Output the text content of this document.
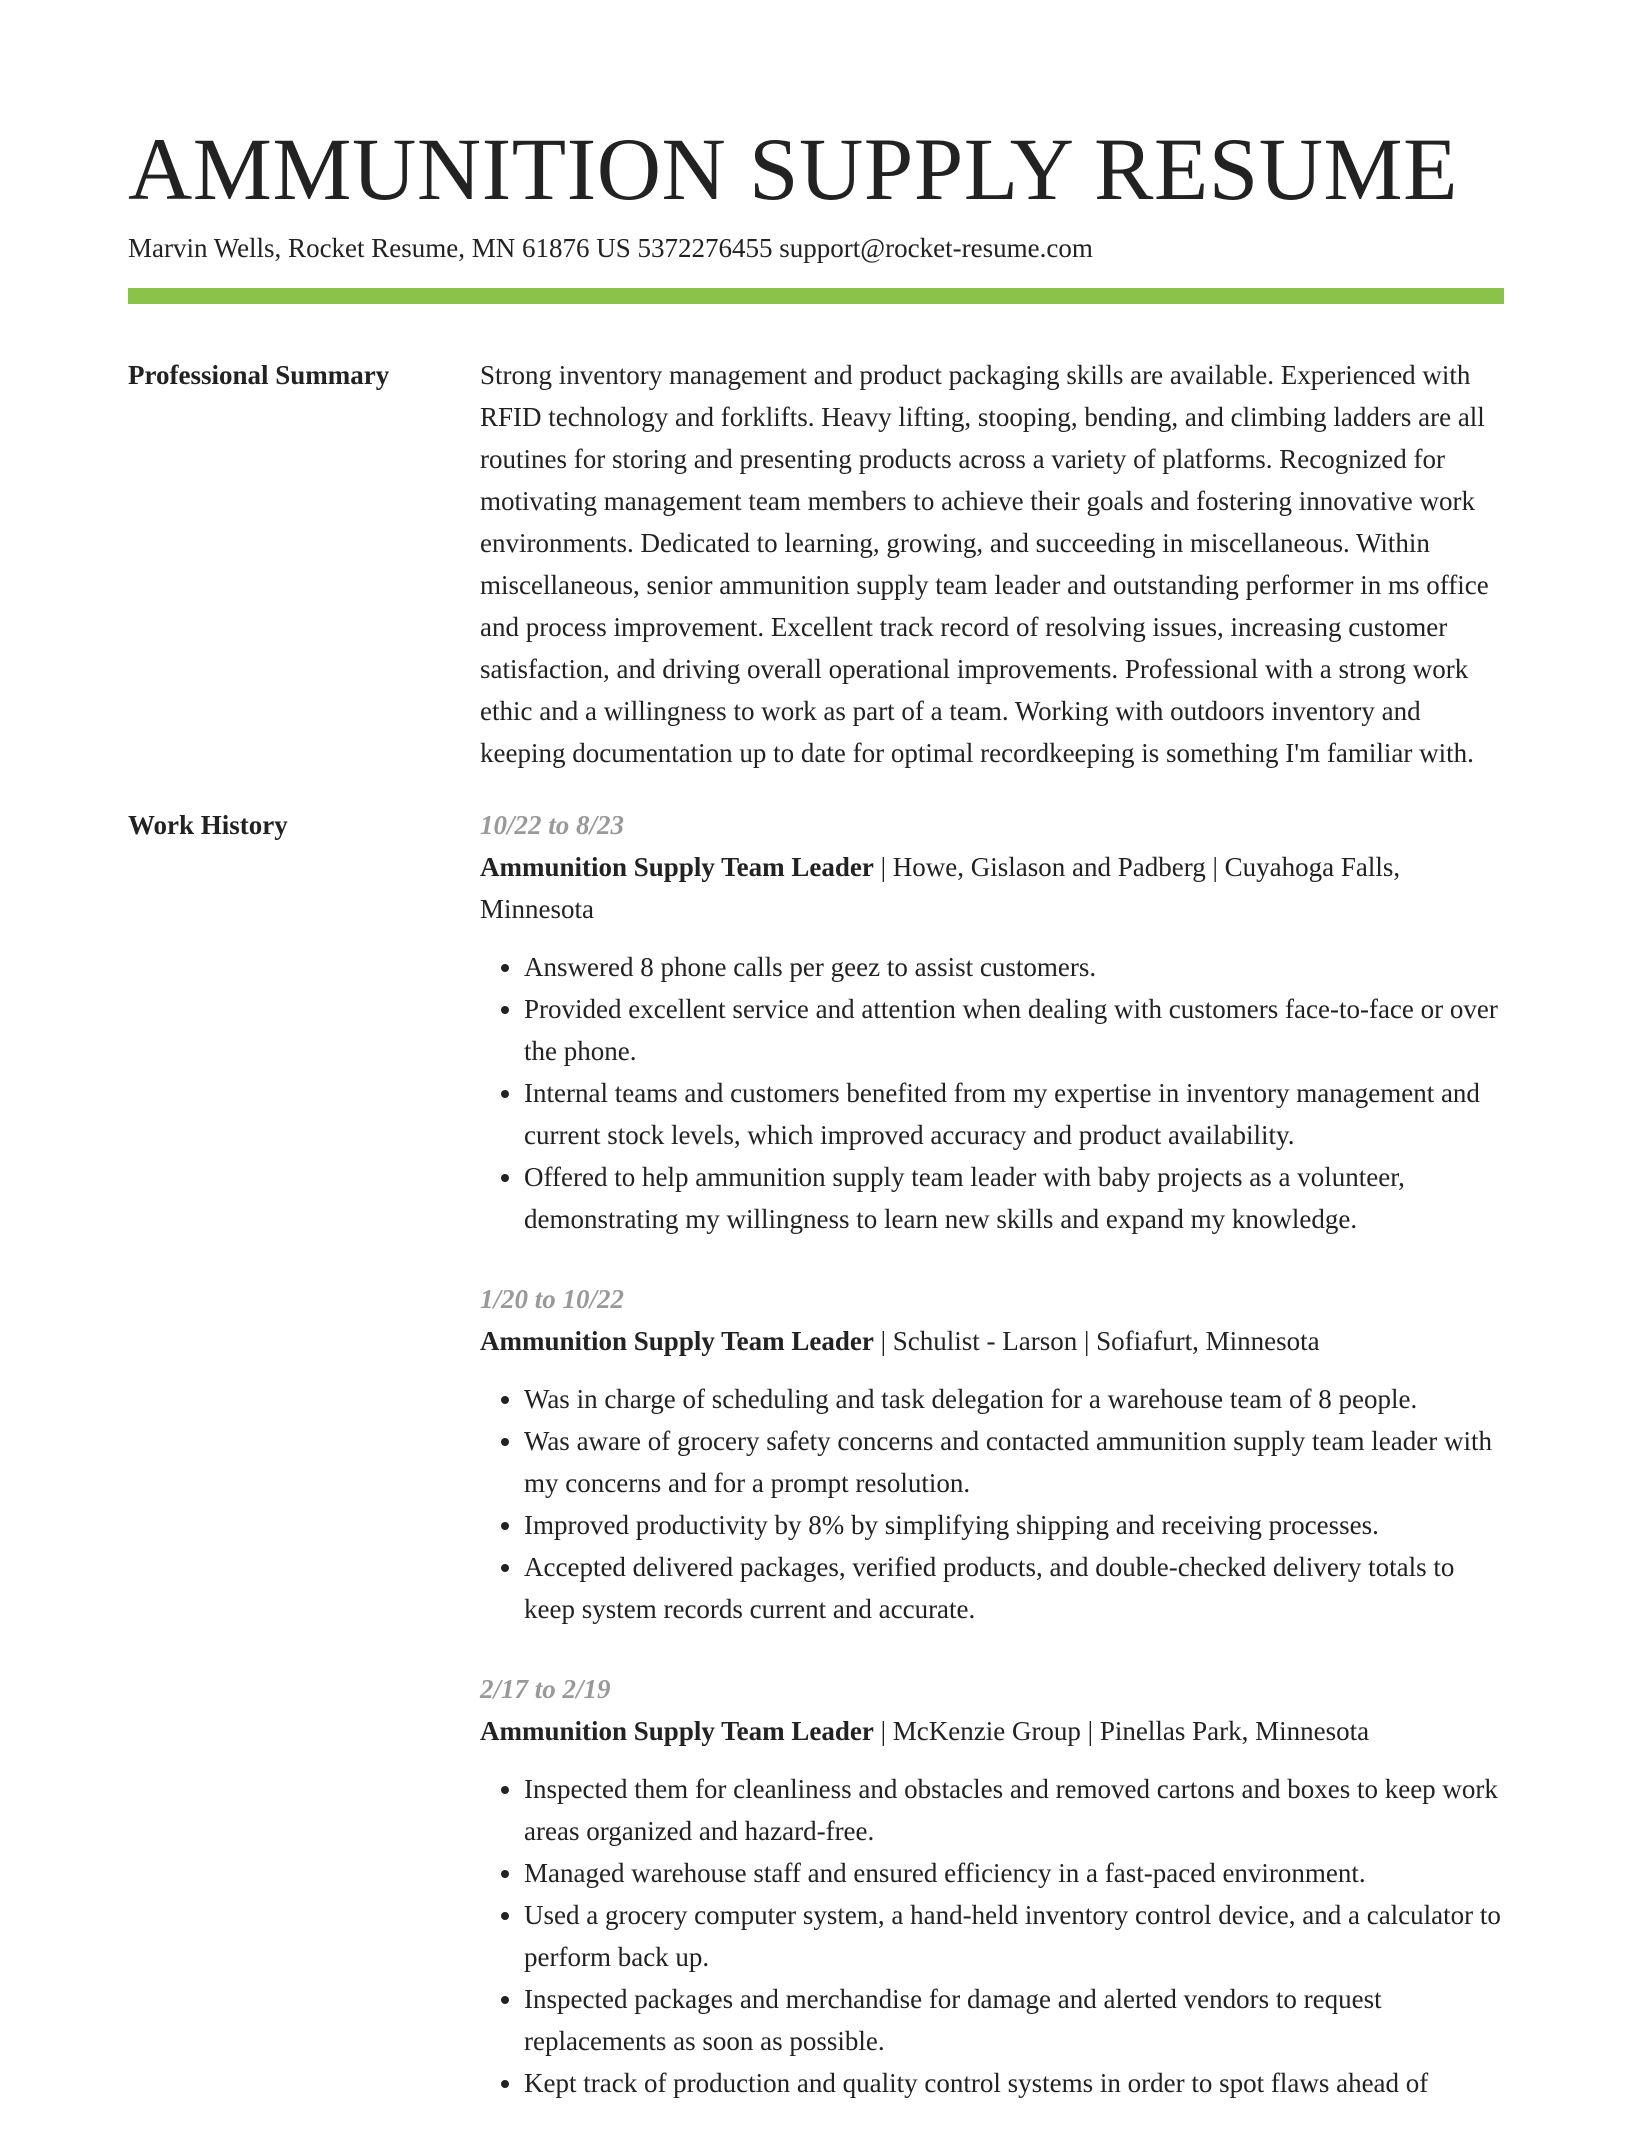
AMMUNITION SUPPLY RESUME
Marvin Wells, Rocket Resume, MN 61876 US 5372276455 support@rocket-resume.com
Professional Summary	Strong inventory management and product packaging skills are available. Experienced with RFID technology and forklifts. Heavy lifting, stooping, bending, and climbing ladders are all routines for storing and presenting products across a variety of platforms. Recognized for motivating management team members to achieve their goals and fostering innovative work environments. Dedicated to learning, growing, and succeeding in miscellaneous. Within miscellaneous, senior ammunition supply team leader and outstanding performer in ms office and process improvement. Excellent track record of resolving issues, increasing customer satisfaction, and driving overall operational improvements. Professional with a strong work ethic and a willingness to work as part of a team. Working with outdoors inventory and keeping documentation up to date for optimal recordkeeping is something I'm familiar with.

Work History	10/22 to 8/23
Ammunition Supply Team Leader | Howe, Gislason and Padberg | Cuyahoga Falls, Minnesota
• Answered 8 phone calls per geez to assist customers.
• Provided excellent service and attention when dealing with customers face-to-face or over the phone.
• Internal teams and customers benefited from my expertise in inventory management and current stock levels, which improved accuracy and product availability.
• Offered to help ammunition supply team leader with baby projects as a volunteer, demonstrating my willingness to learn new skills and expand my knowledge.
1/20 to 10/22
Ammunition Supply Team Leader | Schulist - Larson | Sofiafurt, Minnesota
• Was in charge of scheduling and task delegation for a warehouse team of 8 people.
• Was aware of grocery safety concerns and contacted ammunition supply team leader with my concerns and for a prompt resolution.
• Improved productivity by 8% by simplifying shipping and receiving processes.
• Accepted delivered packages, verified products, and double-checked delivery totals to keep system records current and accurate.
2/17 to 2/19
Ammunition Supply Team Leader | McKenzie Group | Pinellas Park, Minnesota
• Inspected them for cleanliness and obstacles and removed cartons and boxes to keep work areas organized and hazard-free.
• Managed warehouse staff and ensured efficiency in a fast-paced environment.
• Used a grocery computer system, a hand-held inventory control device, and a calculator to perform back up.
• Inspected packages and merchandise for damage and alerted vendors to request replacements as soon as possible.
• Kept track of production and quality control systems in order to spot flaws ahead of
